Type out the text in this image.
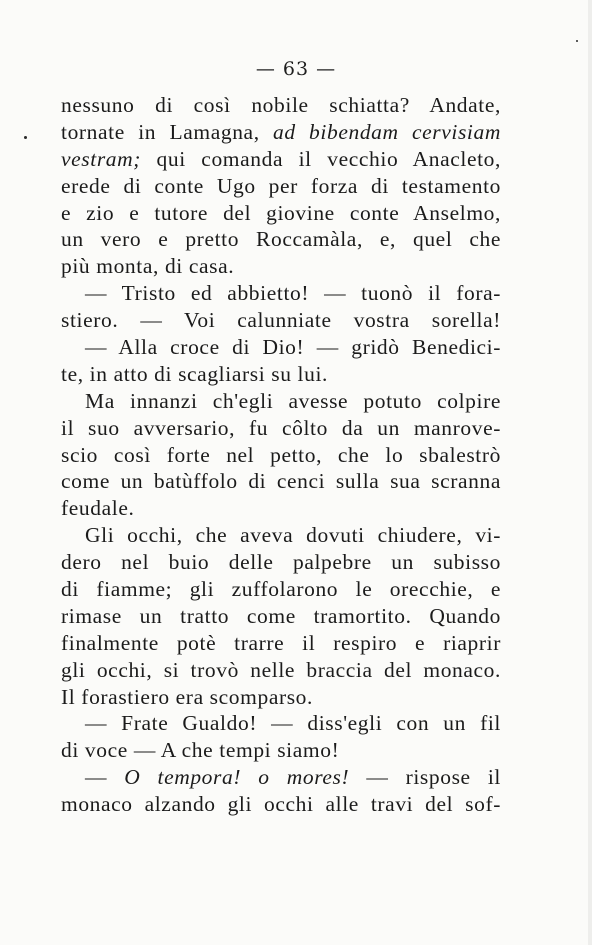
— 63 —
nessuno di così nobile schiatta? Andate,
tornate in Lamagna, ad bibendam cervisiam
vestram; qui comanda il vecchio Anacleto,
erede di conte Ugo per forza di testamento
e zio e tutore del giovine conte Anselmo,
un vero e pretto Roccamàla, e, quel che
più monta, di casa.
— Tristo ed abbietto! — tuonò il fora-
stiero. — Voi calunniate vostra sorella!
— Alla croce di Dio! — gridò Benedici-
te, in atto di scagliarsi su lui.
Ma innanzi ch'egli avesse potuto colpire
il suo avversario, fu côlto da un manrove-
scio così forte nel petto, che lo sbalestrò
come un batùffolo di cenci sulla sua scranna
feudale.
Gli occhi, che aveva dovuti chiudere, vi-
dero nel buio delle palpebre un subisso
di fiamme; gli zuffolarono le orecchie, e
rimase un tratto come tramortito. Quando
finalmente potè trarre il respiro e riaprir
gli occhi, si trovò nelle braccia del monaco.
Il forastiero era scomparso.
— Frate Gualdo! — diss'egli con un fil
di voce — A che tempi siamo!
— O tempora! o mores! — rispose il
monaco alzando gli occhi alle travi del sof-
